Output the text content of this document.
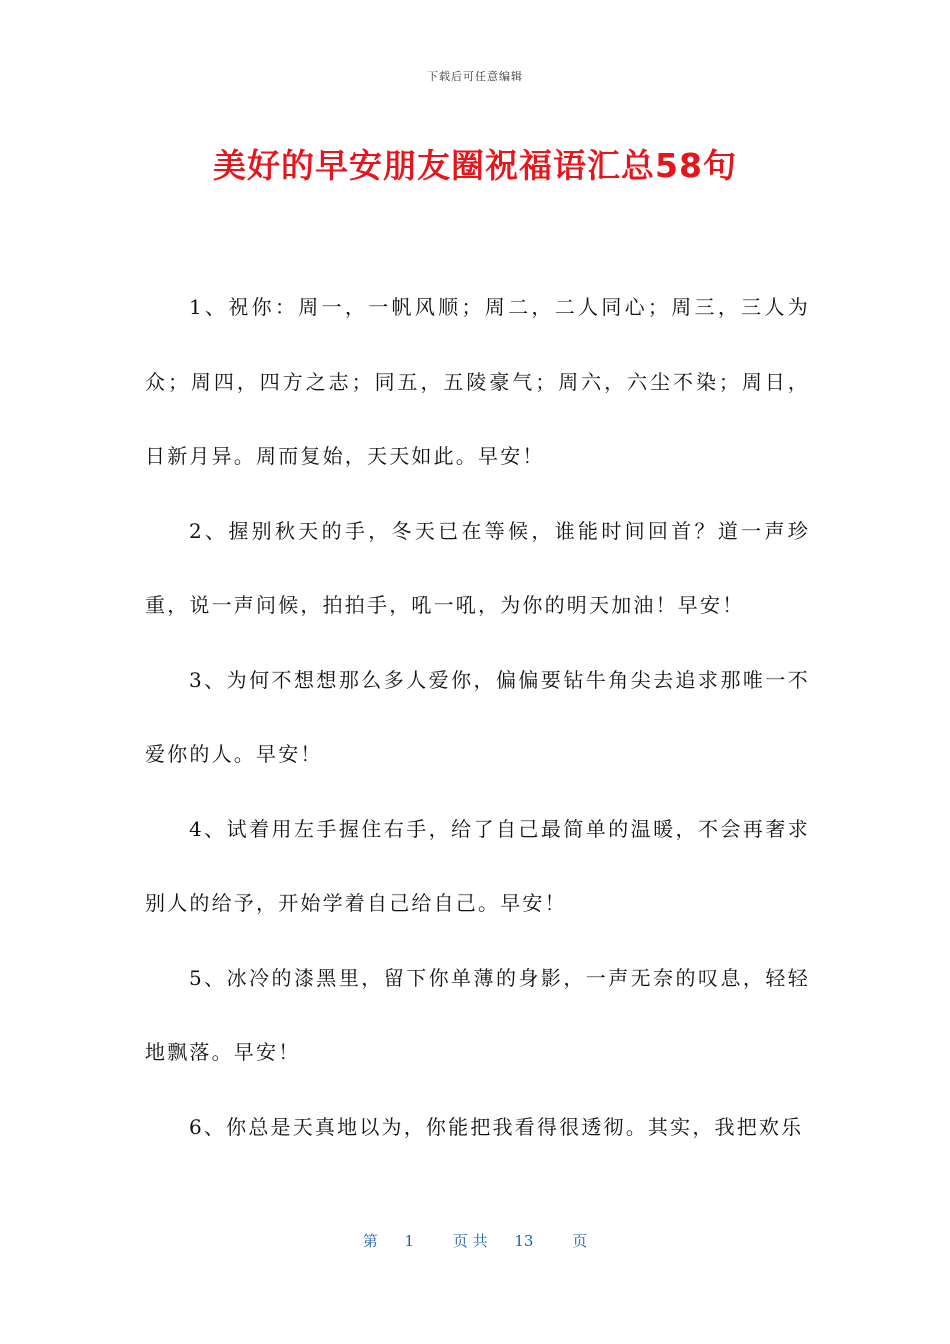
下载后可任意编辑
美好的早安朋友圈祝福语汇总58句

1、祝你：周一，一帆风顺；周二，二人同心；周三，三人为众；周四，四方之志；同五，五陵豪气；周六，六尘不染；周日，日新月异。周而复始，天天如此。早安！

2、握别秋天的手，冬天已在等候，谁能时间回首？道一声珍重，说一声问候，拍拍手，吼一吼，为你的明天加油！早安！

3、为何不想想那么多人爱你，偏偏要钻牛角尖去追求那唯一不爱你的人。早安！

4、试着用左手握住右手，给了自己最简单的温暖，不会再奢求别人的给予，开始学着自己给自己。早安！

5、冰冷的漆黑里，留下你单薄的身影，一声无奈的叹息，轻轻地飘落。早安！

6、你总是天真地以为，你能把我看得很透彻。其实，我把欢乐

第 1	页 共 13	页
